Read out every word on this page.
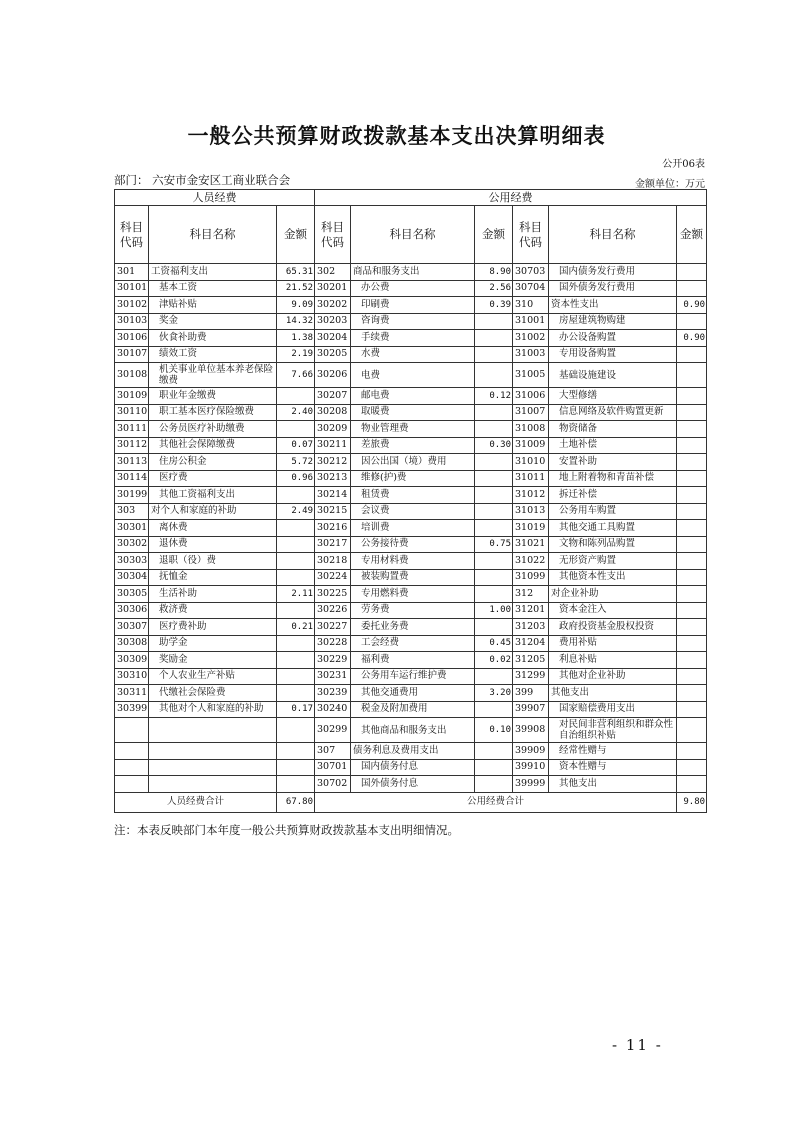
一般公共预算财政拨款基本支出决算明细表
公开06表
部门： 六安市金安区工商业联合会	金额单位：万元
人员经费			公用经费					
科目代码	科目名称	金额	科目代码	科目名称	金额	科目代码	科目名称	金额
301	工资福利支出	65.31	302	商品和服务支出	8.90	30703	国内债务发行费用	
30101	基本工资	21.52	30201	办公费	2.56	30704	国外债务发行费用	
30102	津贴补贴	9.09	30202	印刷费	0.39	310	资本性支出	0.90
30103	奖金	14.32	30203	咨询费		31001	房屋建筑物购建	
30106	伙食补助费	1.38	30204	手续费		31002	办公设备购置	0.90
30107	绩效工资	2.19	30205	水费		31003	专用设备购置	
30108	机关事业单位基本养老保险缴费	7.66	30206	电费		31005	基础设施建设	
30109	职业年金缴费		30207	邮电费	0.12	31006	大型修缮	
30110	职工基本医疗保险缴费	2.40	30208	取暖费		31007	信息网络及软件购置更新	
30111	公务员医疗补助缴费		30209	物业管理费		31008	物资储备	
30112	其他社会保障缴费	0.07	30211	差旅费	0.30	31009	土地补偿	
30113	住房公积金	5.72	30212	因公出国（境）费用		31010	安置补助	
30114	医疗费	0.96	30213	维修(护)费		31011	地上附着物和青苗补偿	
30199	其他工资福利支出		30214	租赁费		31012	拆迁补偿	
303	对个人和家庭的补助	2.49	30215	会议费		31013	公务用车购置	
30301	离休费		30216	培训费		31019	其他交通工具购置	
30302	退休费		30217	公务接待费	0.75	31021	文物和陈列品购置	
30303	退职（役）费		30218	专用材料费		31022	无形资产购置	
30304	抚恤金		30224	被装购置费		31099	其他资本性支出	
30305	生活补助	2.11	30225	专用燃料费		312	对企业补助	
30306	救济费		30226	劳务费	1.00	31201	资本金注入	
30307	医疗费补助	0.21	30227	委托业务费		31203	政府投资基金股权投资	
30308	助学金		30228	工会经费	0.45	31204	费用补贴	
30309	奖励金		30229	福利费	0.02	31205	利息补贴	
30310	个人农业生产补贴		30231	公务用车运行维护费		31299	其他对企业补助	
30311	代缴社会保险费		30239	其他交通费用	3.20	399	其他支出	
30399	其他对个人和家庭的补助	0.17	30240	税金及附加费用		39907	国家赔偿费用支出	
			30299	其他商品和服务支出	0.10	39908	对民间非营利组织和群众性自治组织补贴	
			307	债务利息及费用支出		39909	经常性赠与	
			30701	国内债务付息		39910	资本性赠与	
			30702	国外债务付息		39999	其他支出	
人员经费合计		67.80	公用经费合计					9.80
注：本表反映部门本年度一般公共预算财政拨款基本支出明细情况。
- 11 -
